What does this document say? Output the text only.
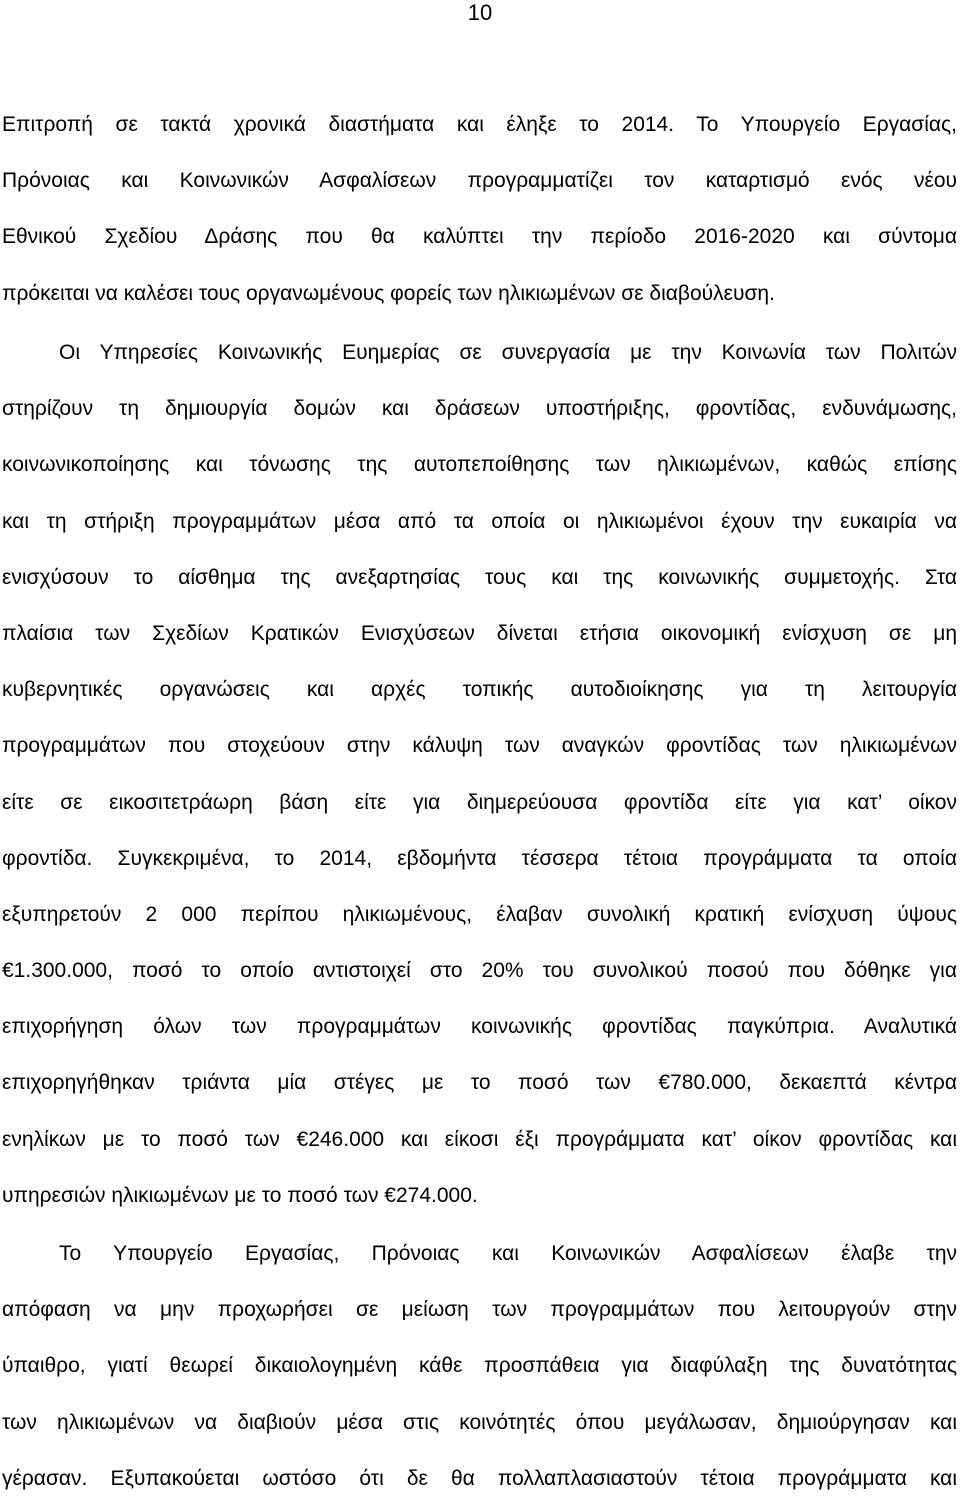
10
Επιτροπή σε τακτά χρονικά διαστήματα και έληξε το 2014. Το Υπουργείο Εργασίας,
Πρόνοιας και Κοινωνικών Ασφαλίσεων προγραμματίζει τον καταρτισμό ενός νέου
Εθνικού Σχεδίου Δράσης που θα καλύπτει την περίοδο 2016-2020 και σύντομα
πρόκειται να καλέσει τους οργανωμένους φορείς των ηλικιωμένων σε διαβούλευση.
Οι Υπηρεσίες Κοινωνικής Ευημερίας σε συνεργασία με την Κοινωνία των Πολιτών
στηρίζουν τη δημιουργία δομών και δράσεων υποστήριξης, φροντίδας, ενδυνάμωσης,
κοινωνικοποίησης και τόνωσης της αυτοπεποίθησης των ηλικιωμένων, καθώς επίσης
και τη στήριξη προγραμμάτων μέσα από τα οποία οι ηλικιωμένοι έχουν την ευκαιρία να
ενισχύσουν το αίσθημα της ανεξαρτησίας τους και της κοινωνικής συμμετοχής. Στα
πλαίσια των Σχεδίων Κρατικών Ενισχύσεων δίνεται ετήσια οικονομική ενίσχυση σε μη
κυβερνητικές οργανώσεις και αρχές τοπικής αυτοδιοίκησης για τη λειτουργία
προγραμμάτων που στοχεύουν στην κάλυψη των αναγκών φροντίδας των ηλικιωμένων
είτε σε εικοσιτετράωρη βάση είτε για διημερεύουσα φροντίδα είτε για κατ’ οίκον
φροντίδα. Συγκεκριμένα, το 2014, εβδομήντα τέσσερα τέτοια προγράμματα τα οποία
εξυπηρετούν 2 000 περίπου ηλικιωμένους, έλαβαν συνολική κρατική ενίσχυση ύψους
€1.300.000, ποσό το οποίο αντιστοιχεί στο 20% του συνολικού ποσού που δόθηκε για
επιχορήγηση όλων των προγραμμάτων κοινωνικής φροντίδας παγκύπρια. Αναλυτικά
επιχορηγήθηκαν τριάντα μία στέγες με το ποσό των €780.000, δεκαεπτά κέντρα
ενηλίκων με το ποσό των €246.000 και είκοσι έξι προγράμματα κατ’ οίκον φροντίδας και
υπηρεσιών ηλικιωμένων με το ποσό των €274.000.
Το Υπουργείο Εργασίας, Πρόνοιας και Κοινωνικών Ασφαλίσεων έλαβε την
απόφαση να μην προχωρήσει σε μείωση των προγραμμάτων που λειτουργούν στην
ύπαιθρο, γιατί θεωρεί δικαιολογημένη κάθε προσπάθεια για διαφύλαξη της δυνατότητας
των ηλικιωμένων να διαβιούν μέσα στις κοινότητές όπου μεγάλωσαν, δημιούργησαν και
γέρασαν. Εξυπακούεται ωστόσο ότι δε θα πολλαπλασιαστούν τέτοια προγράμματα και
